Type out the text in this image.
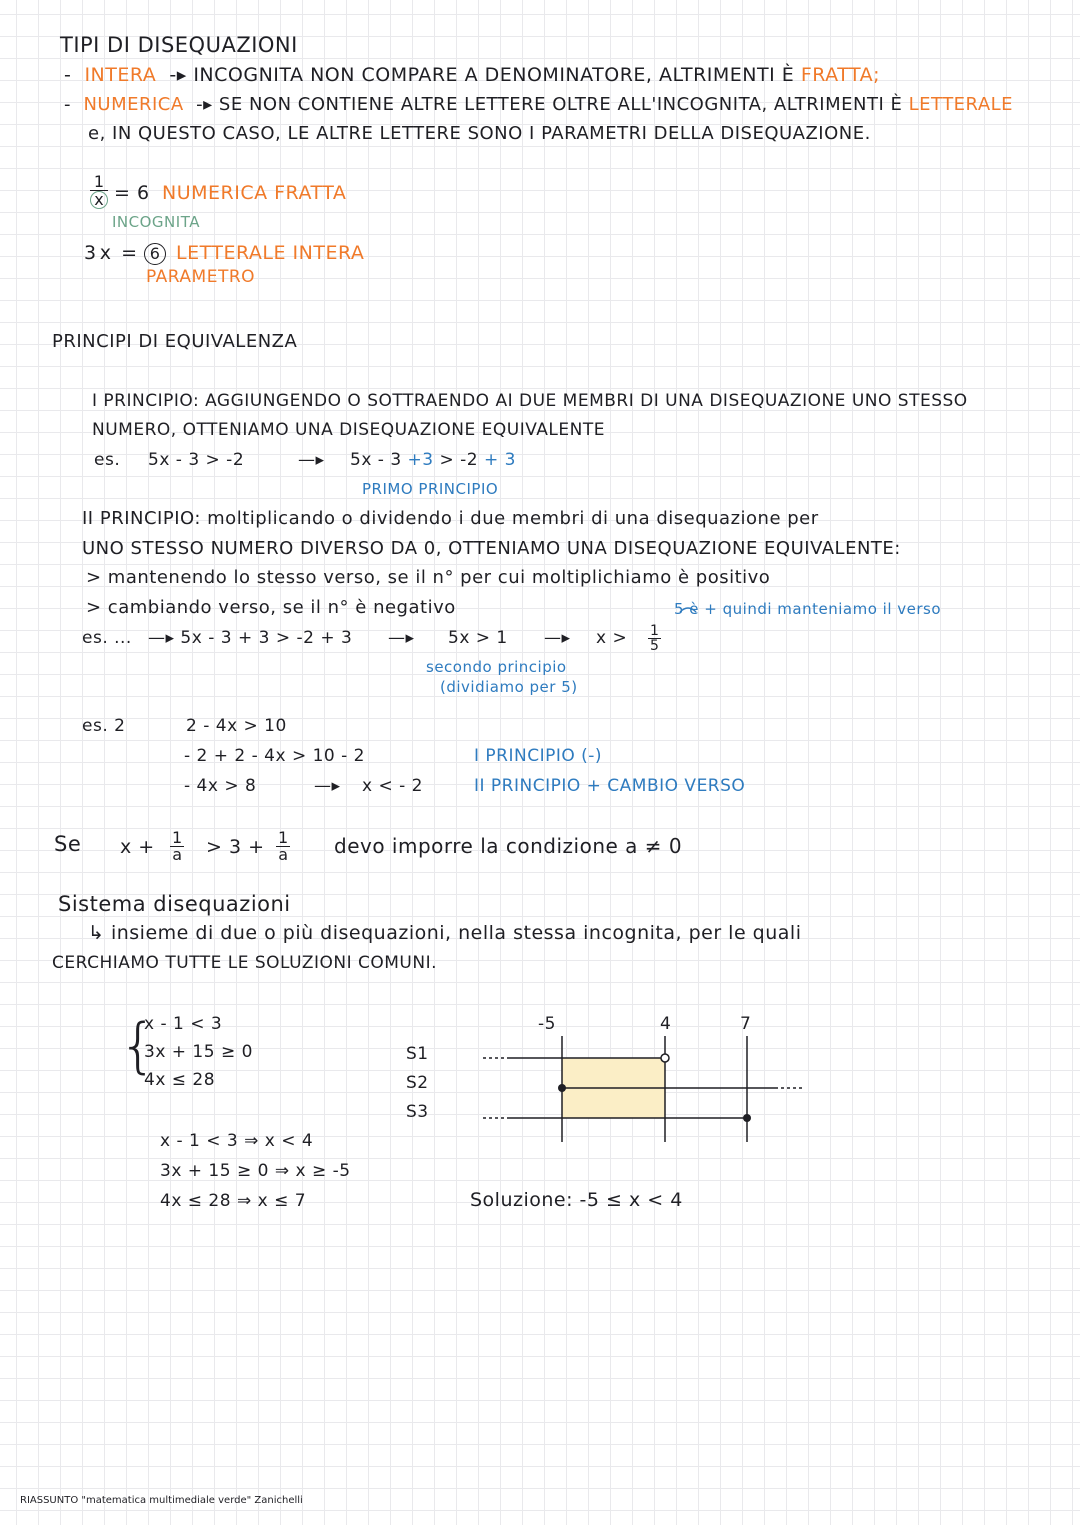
TIPI DI DISEQUAZIONI
-  INTERA  -▸ INCOGNITA NON COMPARE A DENOMINATORE, ALTRIMENTI È FRATTA;
-  NUMERICA  -▸ SE NON CONTIENE ALTRE LETTERE OLTRE ALL'INCOGNITA, ALTRIMENTI È LETTERALE
e, IN QUESTO CASO, LE ALTRE LETTERE SONO I PARAMETRI DELLA DISEQUAZIONE.
$\frac{1}{x} = 6$ NUMERICA FRATTA
INCOGNITA
3 x = 6 LETTERALE INTERA
PARAMETRO
PRINCIPI DI EQUIVALENZA
I PRINCIPIO: AGGIUNGENDO O SOTTRAENDO AI DUE MEMBRI DI UNA DISEQUAZIONE UNO STESSO
NUMERO, OTTENIAMO UNA DISEQUAZIONE EQUIVALENTE
es. 5x - 3 > -2	—▸ 5x - 3 +3 > -2 + 3
PRIMO PRINCIPIO
II PRINCIPIO: moltiplicando o dividendo i due membri di una disequazione per
UNO STESSO NUMERO DIVERSO DA 0, OTTENIAMO UNA DISEQUAZIONE EQUIVALENTE:
> mantenendo lo stesso verso, se il n° per cui moltiplichiamo è positivo
> cambiando verso, se il n° è negativo	5 è + quindi manteniamo il verso
es. ... —▸ 5x - 3 + 3 > -2 + 3 —▸ 5x > 1 —▸ $x > \frac{1}{5}$
secondo principio
(dividiamo per 5)
es. 2	2 - 4x > 10
- 2 + 2 - 4x > 10 - 2	I PRINCIPIO (-)
- 4x > 8	—▸ x < - 2	II PRINCIPIO + CAMBIO VERSO
Se $x + \frac{1}{a} > 3 + \frac{1}{a}$ devo imporre la condizione a ≠ 0
Sistema disequazioni
↳ insieme di due o più disequazioni, nella stessa incognita, per le quali
CERCHIAMO TUTTE LE SOLUZIONI COMUNI.
{
x - 1 < 3
3x + 15 ≥ 0
4x ≤ 28
S1
S2
S3
x - 1 < 3 ⇒ x < 4
3x + 15 ≥ 0 ⇒ x ≥ -5
4x ≤ 28 ⇒ x ≤ 7
-5	4	7
Soluzione: -5 ≤ x < 4
RIASSUNTO "matematica multimediale verde" Zanichelli
